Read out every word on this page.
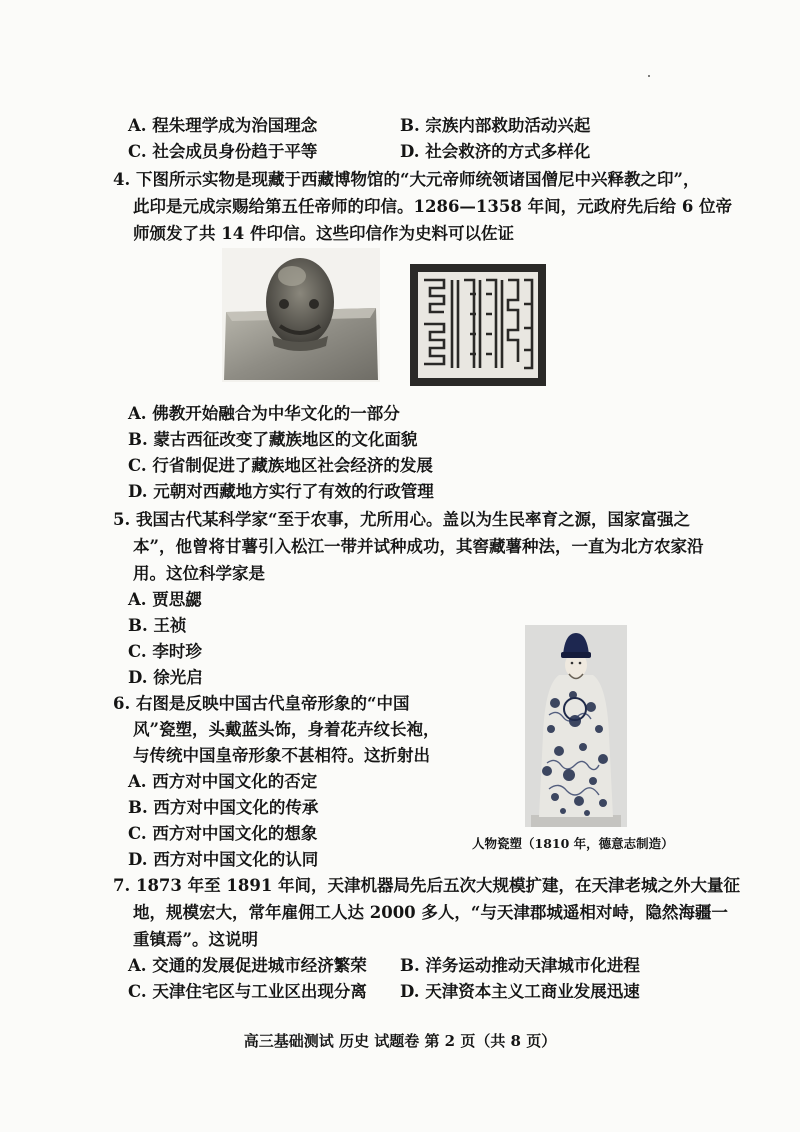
A. 程朱理学成为治国理念	B. 宗族内部救助活动兴起
C. 社会成员身份趋于平等	D. 社会救济的方式多样化
4. 下图所示实物是现藏于西藏博物馆的“大元帝师统领诸国僧尼中兴释教之印”，
此印是元成宗赐给第五任帝师的印信。1286—1358 年间，元政府先后给 6 位帝
师颁发了共 14 件印信。这些印信作为史料可以佐证
A. 佛教开始融合为中华文化的一部分
B. 蒙古西征改变了藏族地区的文化面貌
C. 行省制促进了藏族地区社会经济的发展
D. 元朝对西藏地方实行了有效的行政管理
5. 我国古代某科学家“至于农事，尤所用心。盖以为生民率育之源，国家富强之
本”，他曾将甘薯引入松江一带并试种成功，其窖藏薯种法，一直为北方农家沿
用。这位科学家是
A. 贾思勰
B. 王祯
C. 李时珍
D. 徐光启
6. 右图是反映中国古代皇帝形象的“中国
风”瓷塑，头戴蓝头饰，身着花卉纹长袍，
与传统中国皇帝形象不甚相符。这折射出
A. 西方对中国文化的否定
B. 西方对中国文化的传承
C. 西方对中国文化的想象
D. 西方对中国文化的认同
人物瓷塑（1810 年，德意志制造）
7. 1873 年至 1891 年间，天津机器局先后五次大规模扩建，在天津老城之外大量征
地，规模宏大，常年雇佣工人达 2000 多人，“与天津郡城遥相对峙，隐然海疆一
重镇焉”。这说明
A. 交通的发展促进城市经济繁荣 B. 洋务运动推动天津城市化进程
C. 天津住宅区与工业区出现分离 D. 天津资本主义工商业发展迅速
高三基础测试 历史 试题卷 第 2 页（共 8 页）
